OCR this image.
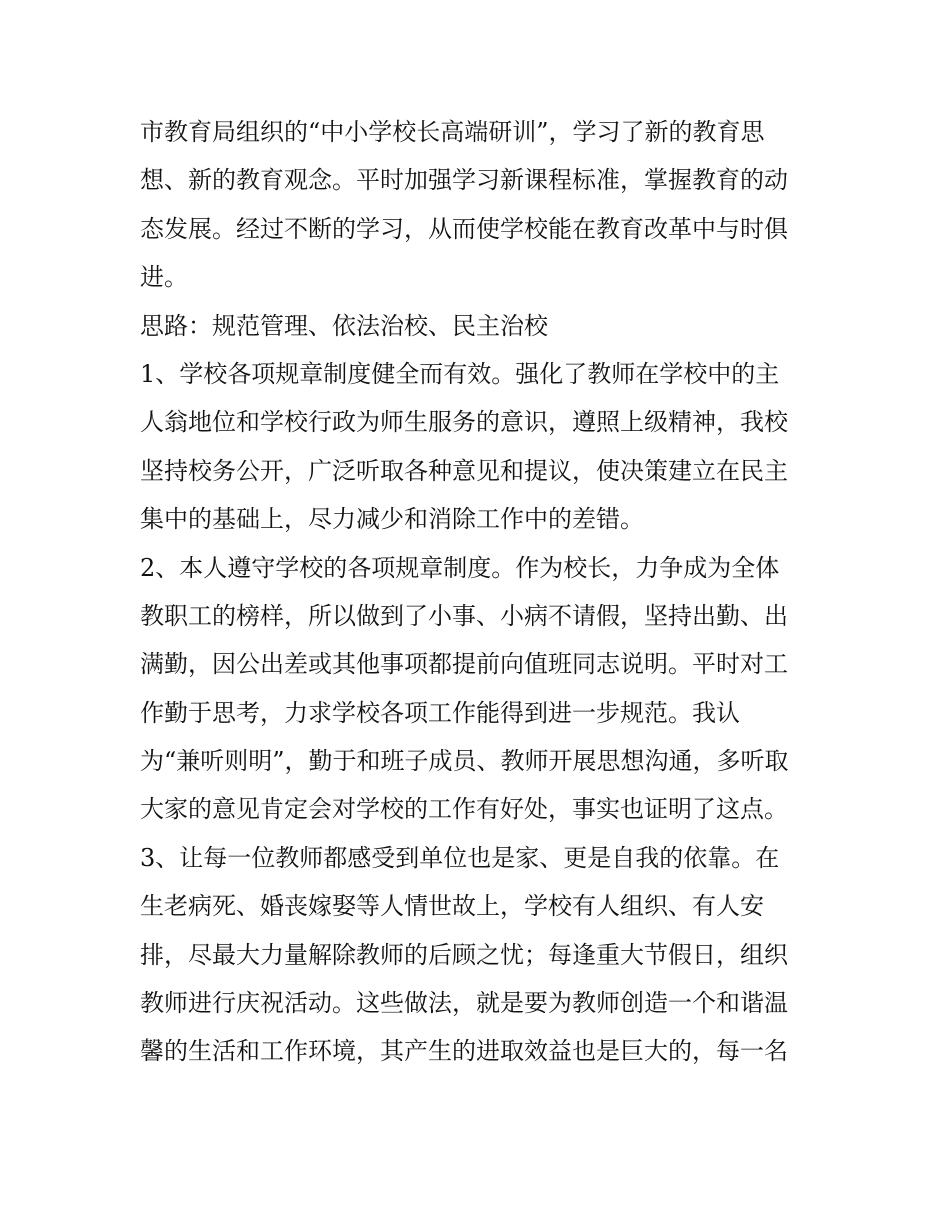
市教育局组织的“中小学校长高端研训”，学习了新的教育思
想、新的教育观念。平时加强学习新课程标准，掌握教育的动
态发展。经过不断的学习，从而使学校能在教育改革中与时俱
进。
思路：规范管理、依法治校、民主治校
1、学校各项规章制度健全而有效。强化了教师在学校中的主
人翁地位和学校行政为师生服务的意识，遵照上级精神，我校
坚持校务公开，广泛听取各种意见和提议，使决策建立在民主
集中的基础上，尽力减少和消除工作中的差错。
2、本人遵守学校的各项规章制度。作为校长，力争成为全体
教职工的榜样，所以做到了小事、小病不请假，坚持出勤、出
满勤，因公出差或其他事项都提前向值班同志说明。平时对工
作勤于思考，力求学校各项工作能得到进一步规范。我认
为“兼听则明”，勤于和班子成员、教师开展思想沟通，多听取
大家的意见肯定会对学校的工作有好处，事实也证明了这点。
3、让每一位教师都感受到单位也是家、更是自我的依靠。在
生老病死、婚丧嫁娶等人情世故上，学校有人组织、有人安
排，尽最大力量解除教师的后顾之忧；每逢重大节假日，组织
教师进行庆祝活动。这些做法，就是要为教师创造一个和谐温
馨的生活和工作环境，其产生的进取效益也是巨大的，每一名
